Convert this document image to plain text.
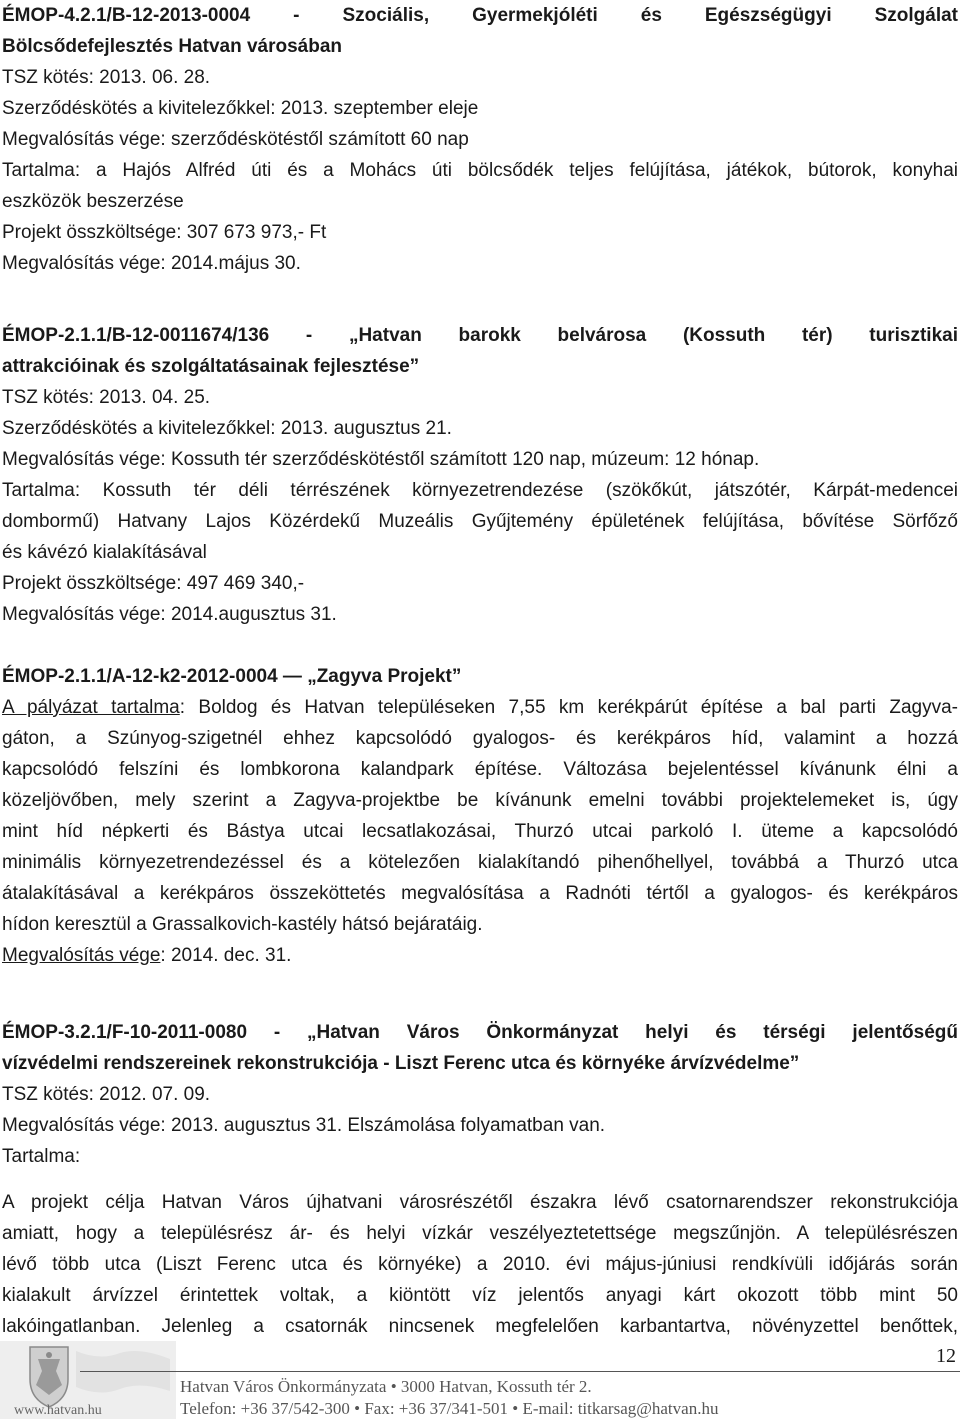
ÉMOP-4.2.1/B-12-2013-0004 - Szociális, Gyermekjóléti és Egészségügyi Szolgálat
Bölcsődefejlesztés Hatvan városában
TSZ kötés: 2013. 06. 28.
Szerződéskötés a kivitelezőkkel: 2013. szeptember eleje
Megvalósítás vége: szerződéskötéstől számított 60 nap
Tartalma: a Hajós Alfréd úti és a Mohács úti bölcsődék teljes felújítása, játékok, bútorok, konyhai
eszközök beszerzése
Projekt összköltsége: 307 673 973,- Ft
Megvalósítás vége: 2014.május 30.
ÉMOP-2.1.1/B-12-0011674/136 - „Hatvan barokk belvárosa (Kossuth tér) turisztikai
attrakcióinak és szolgáltatásainak fejlesztése”
TSZ kötés: 2013. 04. 25.
Szerződéskötés a kivitelezőkkel: 2013. augusztus 21.
Megvalósítás vége: Kossuth tér szerződéskötéstől számított 120 nap, múzeum: 12 hónap.
Tartalma: Kossuth tér déli térrészének környezetrendezése (szökőkút, játszótér, Kárpát-medencei
dombormű) Hatvany Lajos Közérdekű Muzeális Gyűjtemény épületének felújítása, bővítése Sörfőző
és kávézó kialakításával
Projekt összköltsége: 497 469 340,-
Megvalósítás vége: 2014.augusztus 31.
ÉMOP-2.1.1/A-12-k2-2012-0004 — „Zagyva Projekt”
A pályázat tartalma: Boldog és Hatvan településeken 7,55 km kerékpárút építése a bal parti Zagyva-
gáton, a Szúnyog-szigetnél ehhez kapcsolódó gyalogos- és kerékpáros híd, valamint a hozzá
kapcsolódó felszíni és lombkorona kalandpark építése. Változása bejelentéssel kívánunk élni a
közeljövőben, mely szerint a Zagyva-projektbe be kívánunk emelni további projektelemeket is, úgy
mint híd népkerti és Bástya utcai lecsatlakozásai, Thurzó utcai parkoló I. üteme a kapcsolódó
minimális környezetrendezéssel és a kötelezően kialakítandó pihenőhellyel, továbbá a Thurzó utca
átalakításával a kerékpáros összeköttetés megvalósítása a Radnóti tértől a gyalogos- és kerékpáros
hídon keresztül a Grassalkovich-kastély hátsó bejáratáig.
Megvalósítás vége: 2014. dec. 31.
ÉMOP-3.2.1/F-10-2011-0080 - „Hatvan Város Önkormányzat helyi és térségi jelentőségű
vízvédelmi rendszereinek rekonstrukciója - Liszt Ferenc utca és környéke árvízvédelme”
TSZ kötés: 2012. 07. 09.
Megvalósítás vége: 2013. augusztus 31. Elszámolása folyamatban van.
Tartalma:
A projekt célja Hatvan Város újhatvani városrészétől északra lévő csatornarendszer rekonstrukciója
amiatt, hogy a településrész ár- és helyi vízkár veszélyeztetettsége megszűnjön. A településrészen
lévő több utca (Liszt Ferenc utca és környéke) a 2010. évi május-júniusi rendkívüli időjárás során
kialakult árvízzel érintettek voltak, a kiöntött víz jelentős anyagi kárt okozott több mint 50
lakóingatlanban. Jelenleg a csatornák nincsenek megfelelően karbantartva, növényzettel benőttek,
www.hatvan.hu
12
Hatvan Város Önkormányzata • 3000 Hatvan, Kossuth tér 2.
Telefon: +36 37/542-300 • Fax: +36 37/341-501 • E-mail: titkarsag@hatvan.hu
